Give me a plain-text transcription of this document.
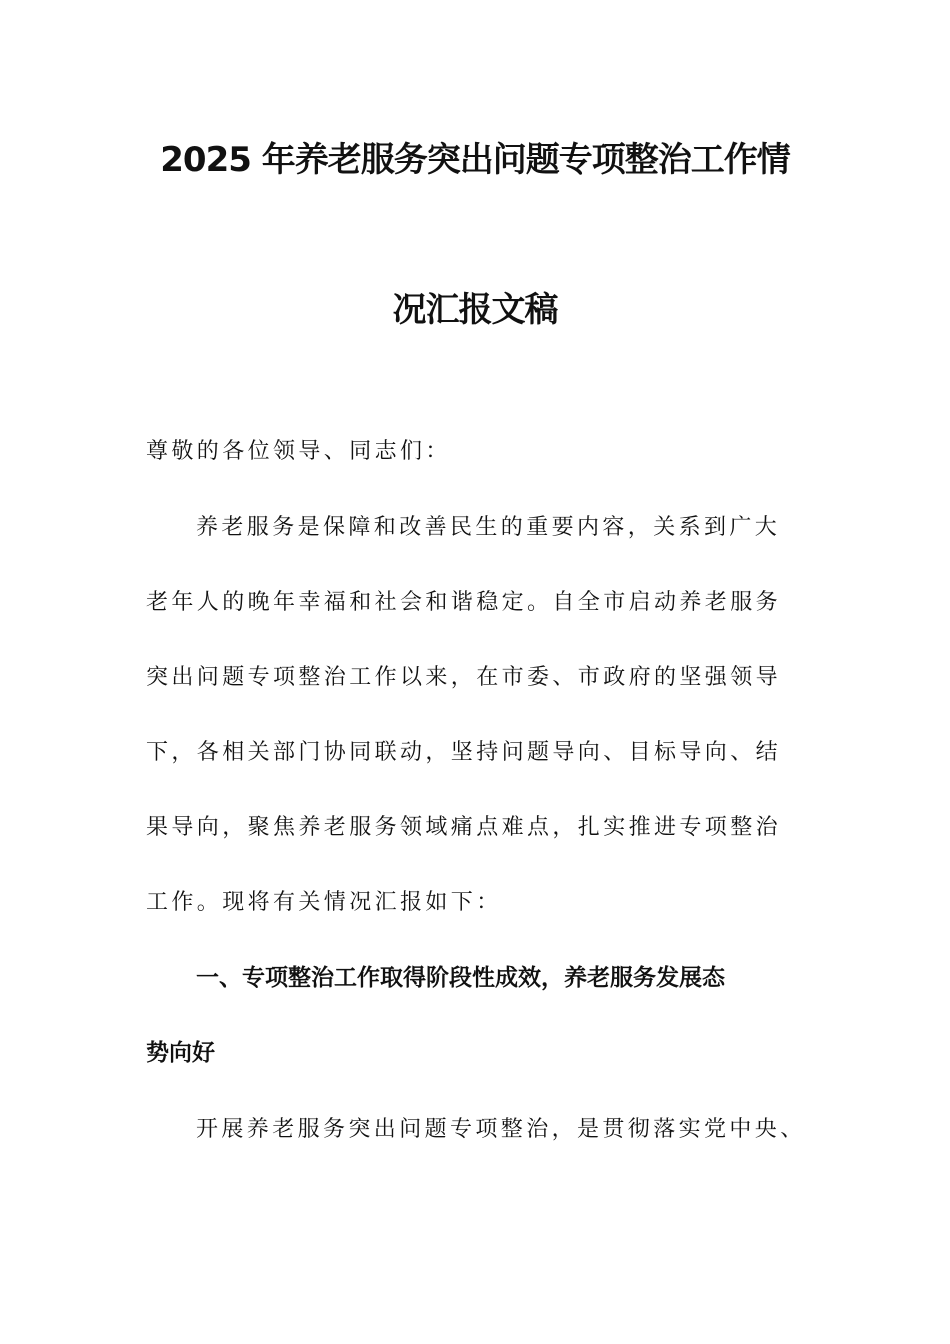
2025 年养老服务突出问题专项整治工作情
况汇报文稿
尊敬的各位领导、同志们：
养老服务是保障和改善民生的重要内容，关系到广大
老年人的晚年幸福和社会和谐稳定。自全市启动养老服务
突出问题专项整治工作以来，在市委、市政府的坚强领导
下，各相关部门协同联动，坚持问题导向、目标导向、结
果导向，聚焦养老服务领域痛点难点，扎实推进专项整治
工作。现将有关情况汇报如下：
一、专项整治工作取得阶段性成效，养老服务发展态
势向好
开展养老服务突出问题专项整治，是贯彻落实党中央、
